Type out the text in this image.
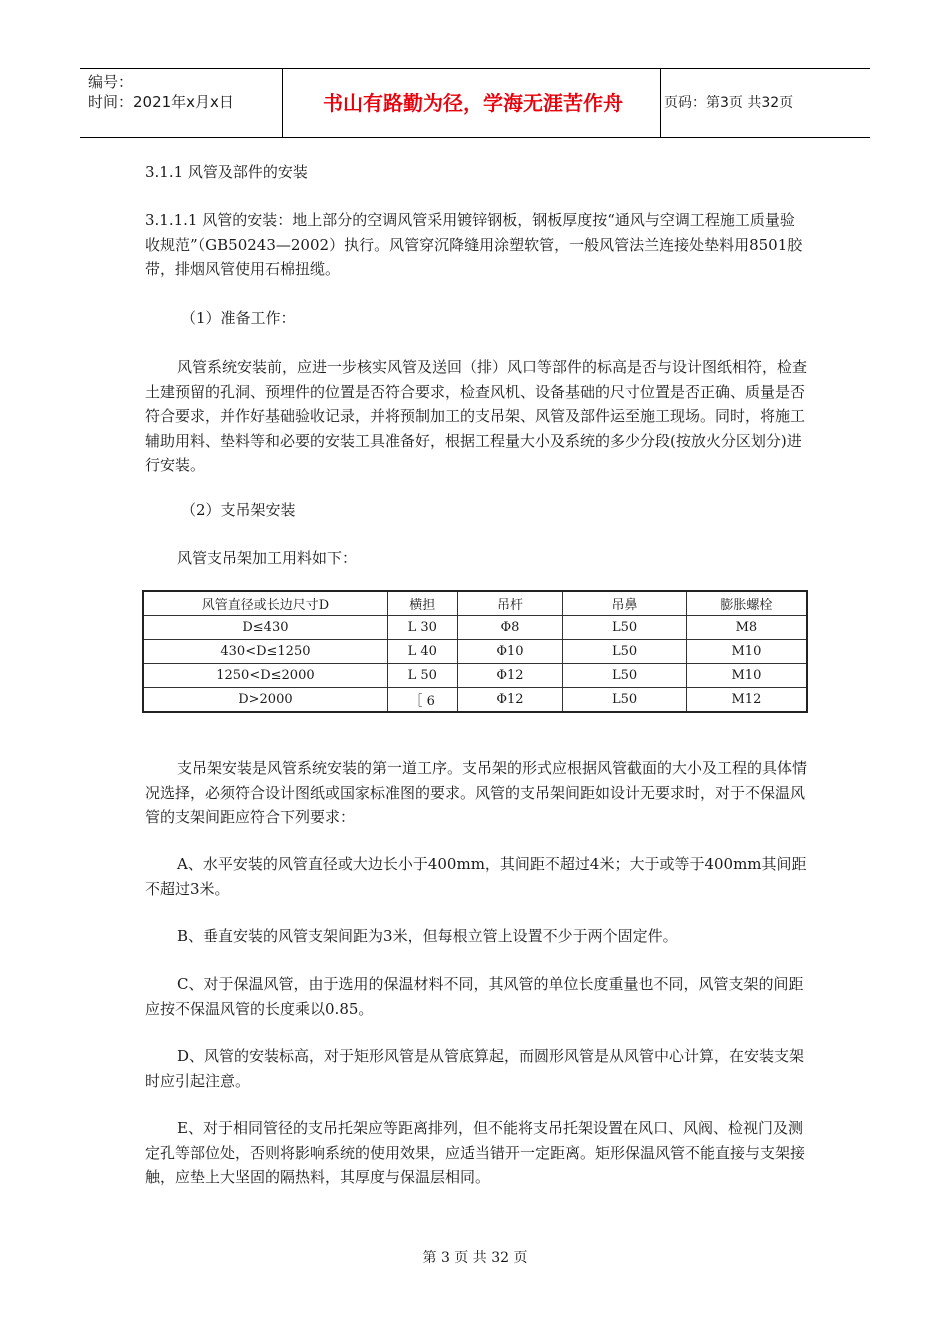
编号：
时间：2021年x月x日	书山有路勤为径，学海无涯苦作舟	页码：第3页 共32页

3.1.1 风管及部件的安装

3.1.1.1 风管的安装：地上部分的空调风管采用镀锌钢板，钢板厚度按“通风与空调工程施工质量验收规范”（GB50243—2002）执行。风管穿沉降缝用涂塑软管，一般风管法兰连接处垫料用8501胶带，排烟风管使用石棉扭缆。

（1）准备工作：

风管系统安装前，应进一步核实风管及送回（排）风口等部件的标高是否与设计图纸相符，检查土建预留的孔洞、预埋件的位置是否符合要求，检查风机、设备基础的尺寸位置是否正确、质量是否符合要求，并作好基础验收记录，并将预制加工的支吊架、风管及部件运至施工现场。同时，将施工辅助用料、垫料等和必要的安装工具准备好，根据工程量大小及系统的多少分段(按放火分区划分)进行安装。

（2）支吊架安装

风管支吊架加工用料如下：

风管直径或长边尺寸D	横担	吊杆	吊鼻	膨胀螺栓
D≤430	L 30	Φ8	L50	M8
430<D≤1250	L 40	Φ10	L50	M10
1250<D≤2000	L 50	Φ12	L50	M10
D>2000	［ 6	Φ12	L50	M12

支吊架安装是风管系统安装的第一道工序。支吊架的形式应根据风管截面的大小及工程的具体情况选择，必须符合设计图纸或国家标准图的要求。风管的支吊架间距如设计无要求时，对于不保温风管的支架间距应符合下列要求：

A、水平安装的风管直径或大边长小于400mm，其间距不超过4米；大于或等于400mm其间距不超过3米。

B、垂直安装的风管支架间距为3米，但每根立管上设置不少于两个固定件。

C、对于保温风管，由于选用的保温材料不同，其风管的单位长度重量也不同，风管支架的间距应按不保温风管的长度乘以0.85。

D、风管的安装标高，对于矩形风管是从管底算起，而圆形风管是从风管中心计算，在安装支架时应引起注意。

E、对于相同管径的支吊托架应等距离排列，但不能将支吊托架设置在风口、风阀、检视门及测定孔等部位处，否则将影响系统的使用效果，应适当错开一定距离。矩形保温风管不能直接与支架接触，应垫上大坚固的隔热料，其厚度与保温层相同。

第 3 页 共 32 页
